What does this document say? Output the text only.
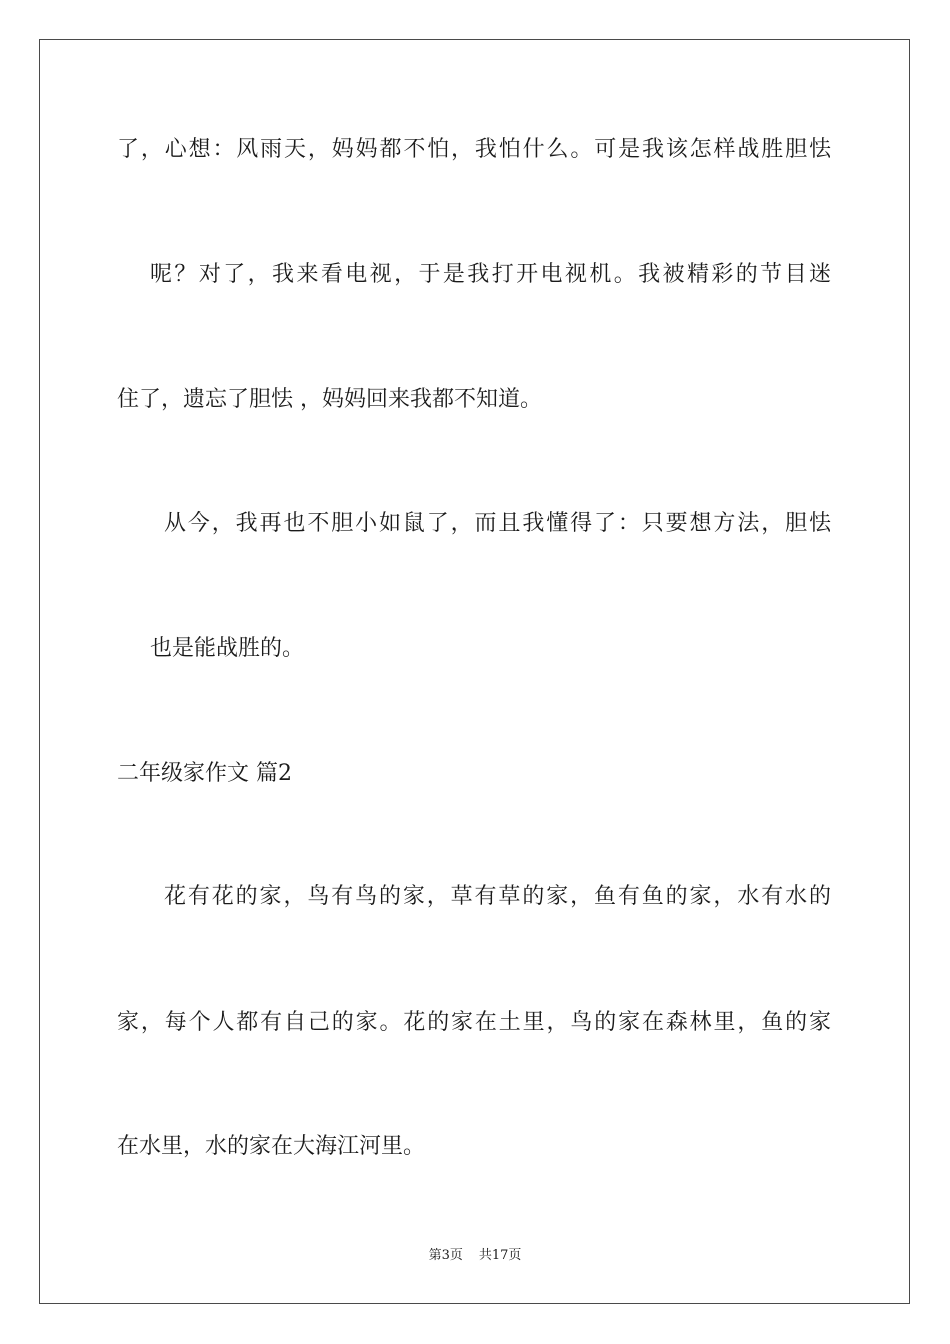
了，心想：风雨天，妈妈都不怕，我怕什么。可是我该怎样战胜胆怯
呢？对了，我来看电视，于是我打开电视机。我被精彩的节目迷
住了，遗忘了胆怯 ，妈妈回来我都不知道。
从今，我再也不胆小如鼠了，而且我懂得了：只要想方法，胆怯
也是能战胜的。
二年级家作文 篇2
花有花的家，鸟有鸟的家，草有草的家，鱼有鱼的家，水有水的
家，每个人都有自己的家。花的家在土里，鸟的家在森林里，鱼的家
在水里，水的家在大海江河里。
第3页 共17页
